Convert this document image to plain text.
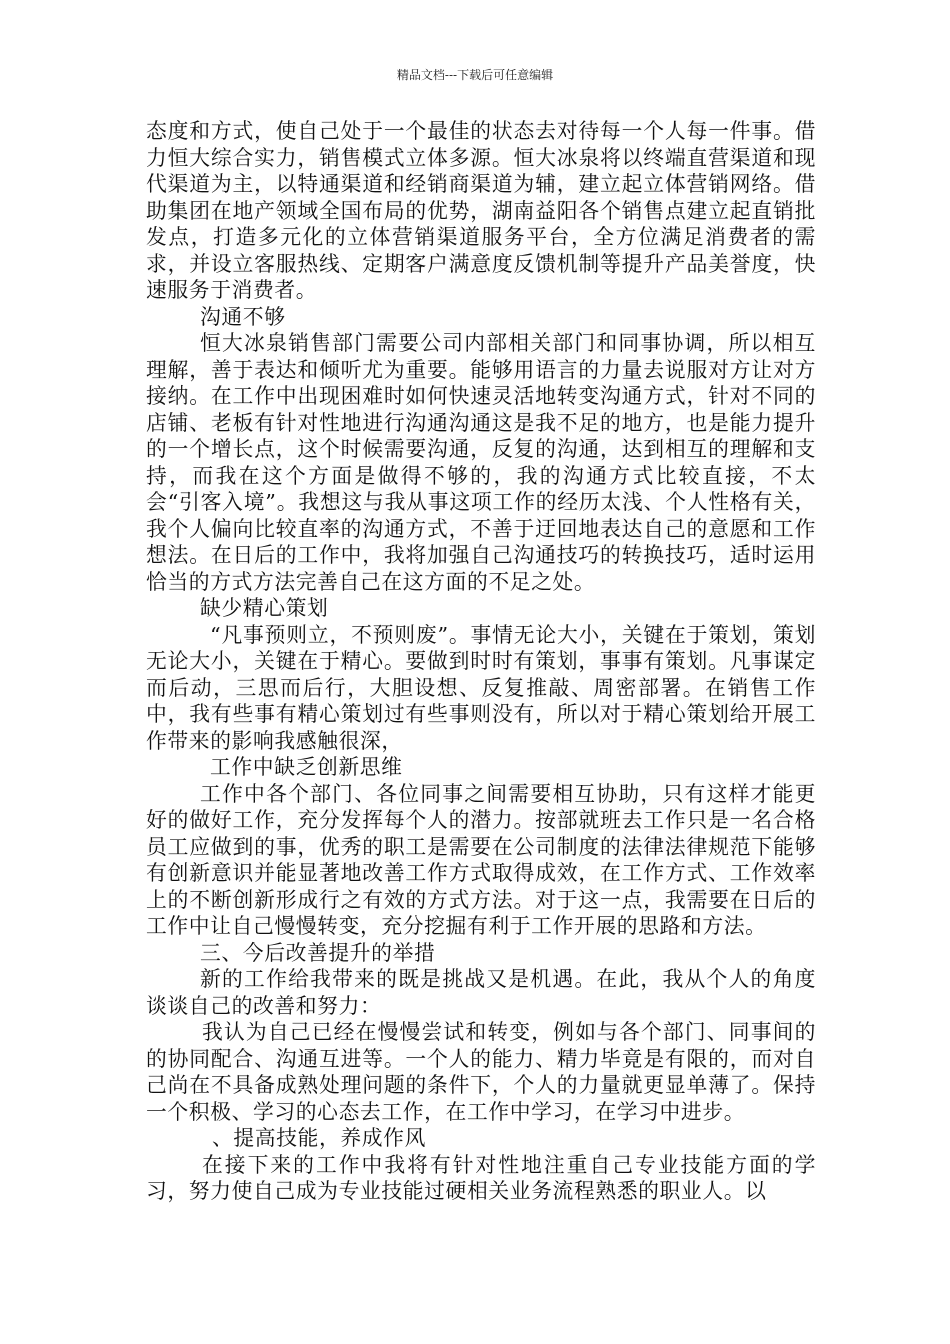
精品文档---下载后可任意编辑

态度和方式，使自己处于一个最佳的状态去对待每一个人每一件事。借力恒大综合实力，销售模式立体多源。恒大冰泉将以终端直营渠道和现代渠道为主，以特通渠道和经销商渠道为辅，建立起立体营销网络。借助集团在地产领域全国布局的优势，湖南益阳各个销售点建立起直销批发点，打造多元化的立体营销渠道服务平台，全方位满足消费者的需求，并设立客服热线、定期客户满意度反馈机制等提升产品美誉度，快速服务于消费者。

沟通不够

恒大冰泉销售部门需要公司内部相关部门和同事协调，所以相互理解，善于表达和倾听尤为重要。能够用语言的力量去说服对方让对方接纳。在工作中出现困难时如何快速灵活地转变沟通方式，针对不同的店铺、老板有针对性地进行沟通沟通这是我不足的地方，也是能力提升的一个增长点，这个时候需要沟通，反复的沟通，达到相互的理解和支持，而我在这个方面是做得不够的，我的沟通方式比较直接，不太会“引客入境”。我想这与我从事这项工作的经历太浅、个人性格有关，我个人偏向比较直率的沟通方式，不善于迂回地表达自己的意愿和工作想法。在日后的工作中，我将加强自己沟通技巧的转换技巧，适时运用恰当的方式方法完善自己在这方面的不足之处。

缺少精心策划

“凡事预则立，不预则废”。事情无论大小，关键在于策划，策划无论大小，关键在于精心。要做到时时有策划，事事有策划。凡事谋定而后动，三思而后行，大胆设想、反复推敲、周密部署。在销售工作中，我有些事有精心策划过有些事则没有，所以对于精心策划给开展工作带来的影响我感触很深，

工作中缺乏创新思维

工作中各个部门、各位同事之间需要相互协助，只有这样才能更好的做好工作，充分发挥每个人的潜力。按部就班去工作只是一名合格员工应做到的事，优秀的职工是需要在公司制度的法律法律规范下能够有创新意识并能显著地改善工作方式取得成效，在工作方式、工作效率上的不断创新形成行之有效的方式方法。对于这一点，我需要在日后的工作中让自己慢慢转变，充分挖掘有利于工作开展的思路和方法。

三、今后改善提升的举措

新的工作给我带来的既是挑战又是机遇。在此，我从个人的角度谈谈自己的改善和努力：

我认为自己已经在慢慢尝试和转变，例如与各个部门、同事间的的协同配合、沟通互进等。一个人的能力、精力毕竟是有限的，而对自己尚在不具备成熟处理问题的条件下，个人的力量就更显单薄了。保持一个积极、学习的心态去工作，在工作中学习，在学习中进步。

、提高技能，养成作风

在接下来的工作中我将有针对性地注重自己专业技能方面的学习，努力使自己成为专业技能过硬相关业务流程熟悉的职业人。以
